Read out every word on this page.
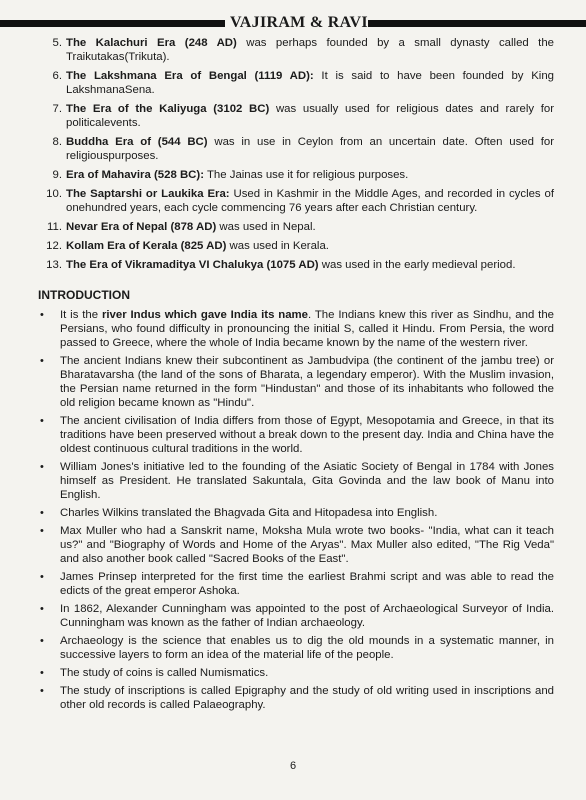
VAJIRAM & RAVI
5. The Kalachuri Era (248 AD) was perhaps founded by a small dynasty called the Traikutakas(Trikuta).
6. The Lakshmana Era of Bengal (1119 AD): It is said to have been founded by King LakshmanaSena.
7. The Era of the Kaliyuga (3102 BC) was usually used for religious dates and rarely for politicalevents.
8. Buddha Era of (544 BC) was in use in Ceylon from an uncertain date. Often used for religiouspurposes.
9. Era of Mahavira (528 BC): The Jainas use it for religious purposes.
10. The Saptarshi or Laukika Era: Used in Kashmir in the Middle Ages, and recorded in cycles of onehundred years, each cycle commencing 76 years after each Christian century.
11. Nevar Era of Nepal (878 AD) was used in Nepal.
12. Kollam Era of Kerala (825 AD) was used in Kerala.
13. The Era of Vikramaditya VI Chalukya (1075 AD) was used in the early medieval period.
INTRODUCTION
•	It is the river Indus which gave India its name. The Indians knew this river as Sindhu, and the Persians, who found difficulty in pronouncing the initial S, called it Hindu. From Persia, the word passed to Greece, where the whole of India became known by the name of the western river.
•	The ancient Indians knew their subcontinent as Jambudvipa (the continent of the jambu tree) or Bharatavarsha (the land of the sons of Bharata, a legendary emperor). With the Muslim invasion, the Persian name returned in the form "Hindustan" and those of its inhabitants who followed the old religion became known as "Hindu".
•	The ancient civilisation of India differs from those of Egypt, Mesopotamia and Greece, in that its traditions have been preserved without a break down to the present day. India and China have the oldest continuous cultural traditions in the world.
•	William Jones's initiative led to the founding of the Asiatic Society of Bengal in 1784 with Jones himself as President. He translated Sakuntala, Gita Govinda and the law book of Manu into English.
•	Charles Wilkins translated the Bhagvada Gita and Hitopadesa into English.
•	Max Muller who had a Sanskrit name, Moksha Mula wrote two books- "India, what can it teach us?" and "Biography of Words and Home of the Aryas". Max Muller also edited, "The Rig Veda" and also another book called "Sacred Books of the East".
•	James Prinsep interpreted for the first time the earliest Brahmi script and was able to read the edicts of the great emperor Ashoka.
•	In 1862, Alexander Cunningham was appointed to the post of Archaeological Surveyor of India. Cunningham was known as the father of Indian archaeology.
•	Archaeology is the science that enables us to dig the old mounds in a systematic manner, in successive layers to form an idea of the material life of the people.
•	The study of coins is called Numismatics.
•	The study of inscriptions is called Epigraphy and the study of old writing used in inscriptions and other old records is called Palaeography.
6
